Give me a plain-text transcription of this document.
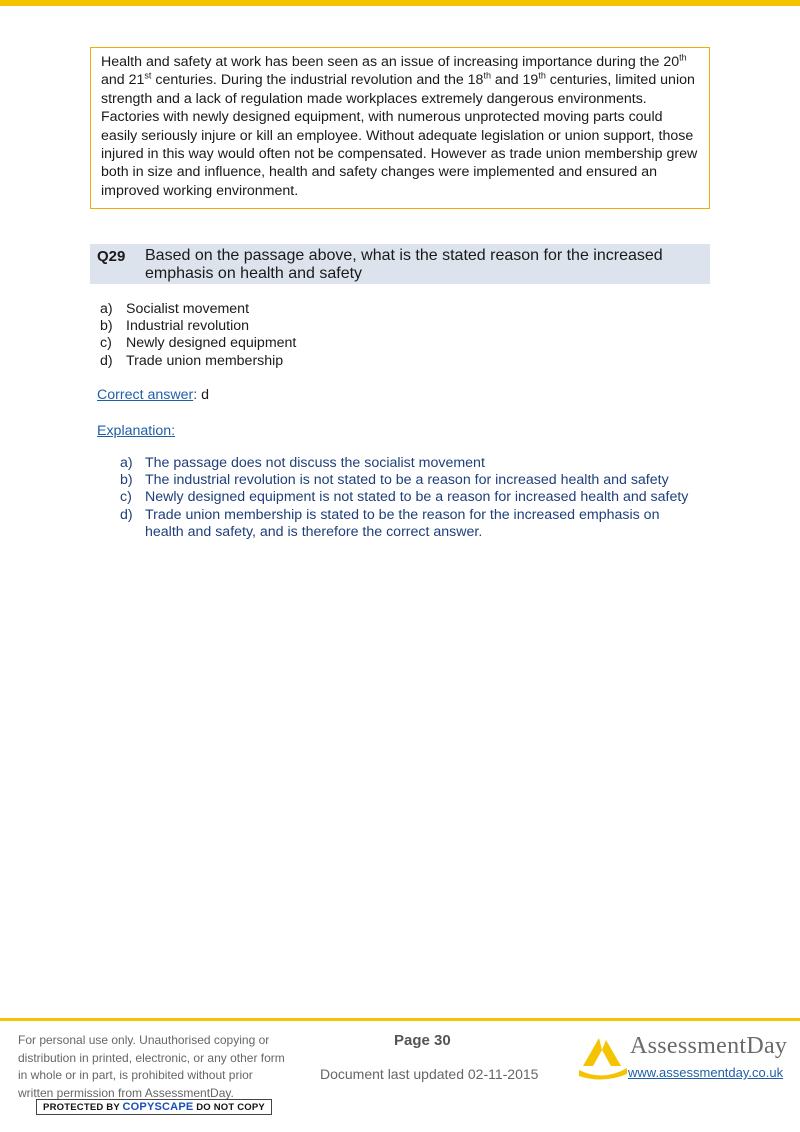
Health and safety at work has been seen as an issue of increasing importance during the 20th and 21st centuries. During the industrial revolution and the 18th and 19th centuries, limited union strength and a lack of regulation made workplaces extremely dangerous environments. Factories with newly designed equipment, with numerous unprotected moving parts could easily seriously injure or kill an employee. Without adequate legislation or union support, those injured in this way would often not be compensated. However as trade union membership grew both in size and influence, health and safety changes were implemented and ensured an improved working environment.
Q29 Based on the passage above, what is the stated reason for the increased emphasis on health and safety
a) Socialist movement
b) Industrial revolution
c) Newly designed equipment
d) Trade union membership
Correct answer: d
Explanation:
a) The passage does not discuss the socialist movement
b) The industrial revolution is not stated to be a reason for increased health and safety
c) Newly designed equipment is not stated to be a reason for increased health and safety
d) Trade union membership is stated to be the reason for the increased emphasis on health and safety, and is therefore the correct answer.
For personal use only. Unauthorised copying or distribution in printed, electronic, or any other form in whole or in part, is prohibited without prior written permission from AssessmentDay.
PROTECTED BY COPYSCAPE DO NOT COPY
Page 30
Document last updated 02-11-2015
AssessmentDay
www.assessmentday.co.uk
